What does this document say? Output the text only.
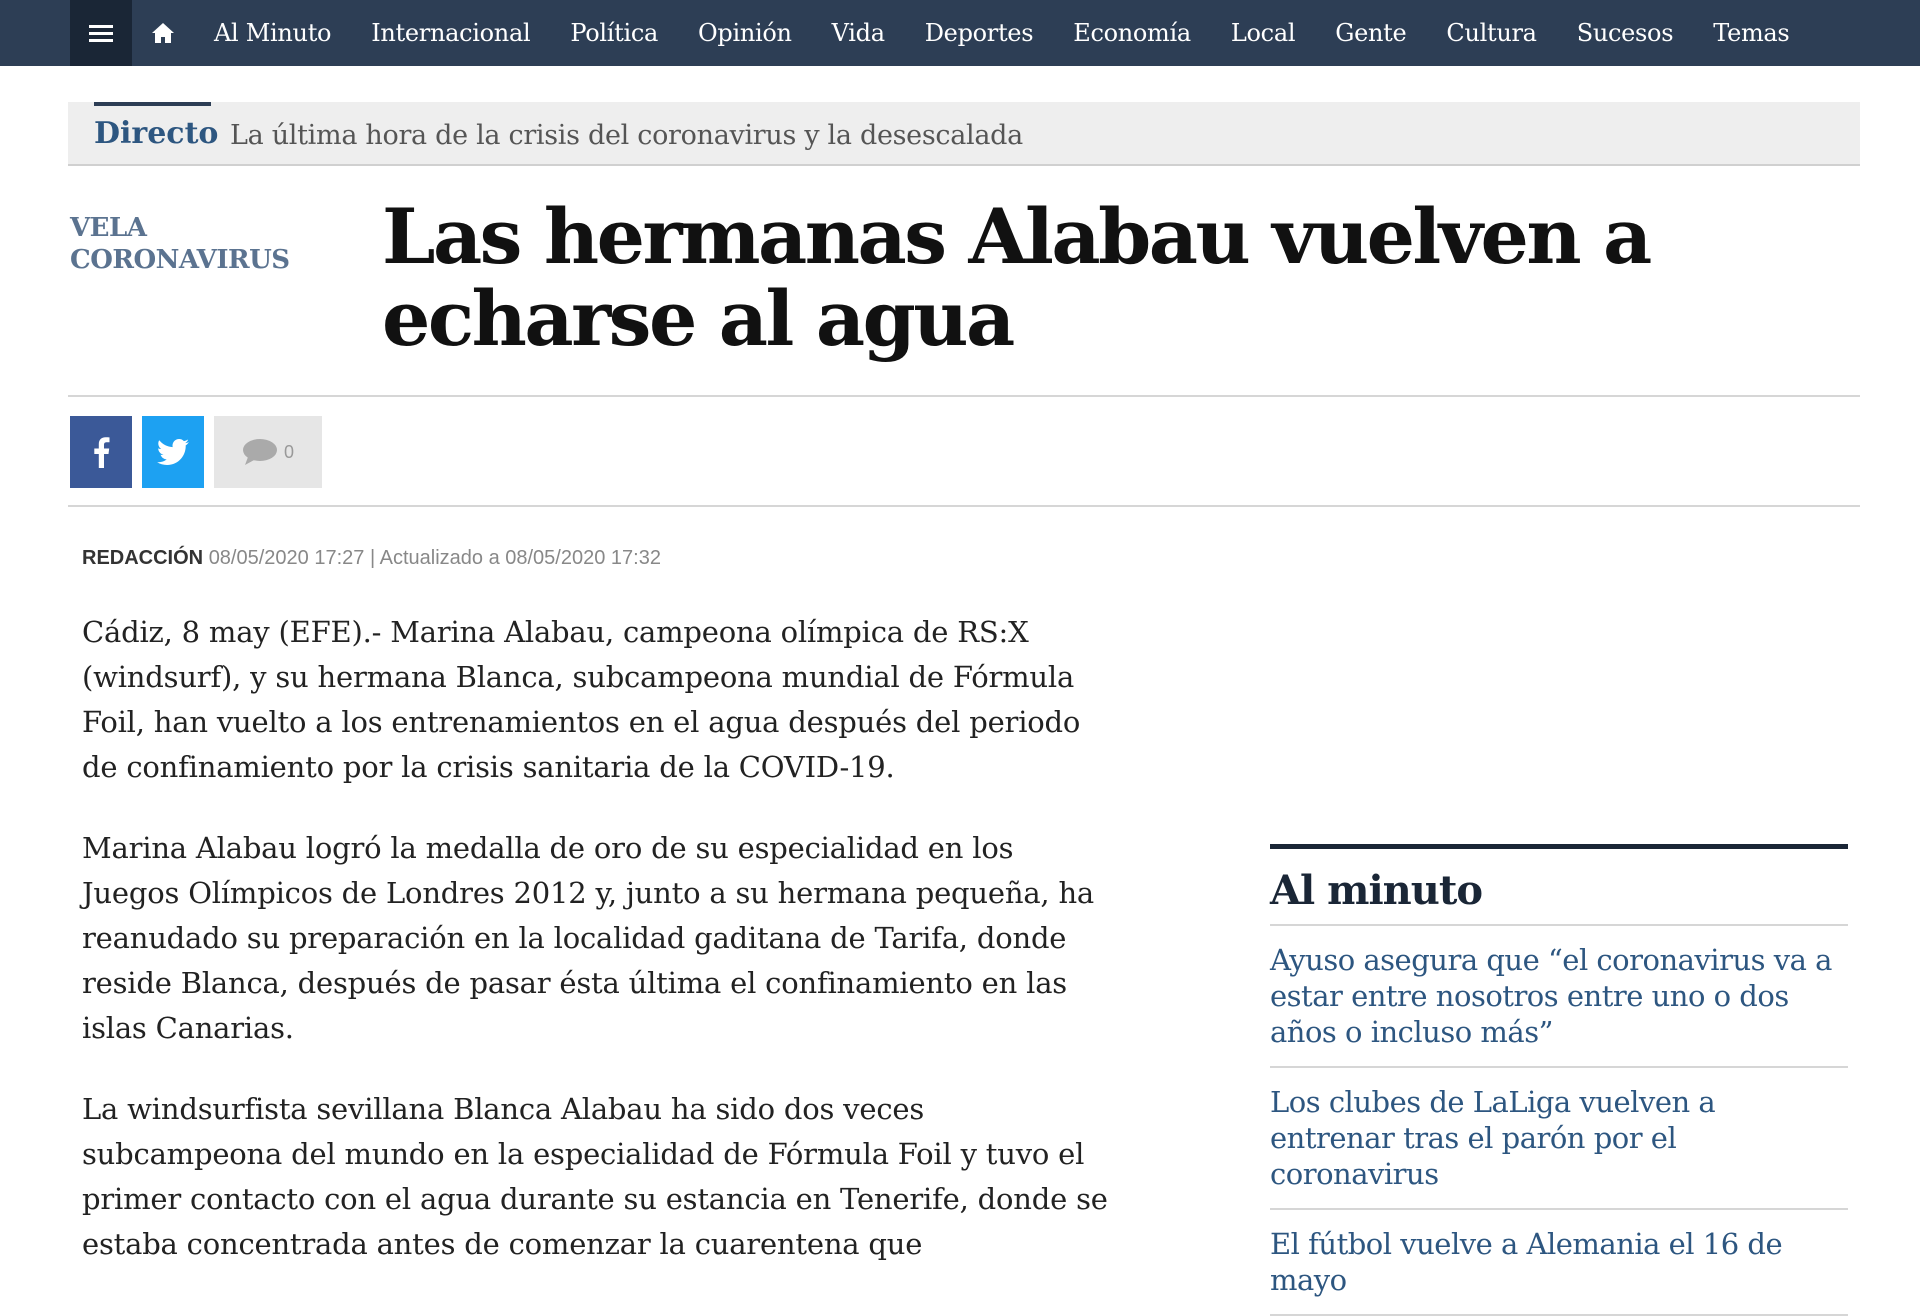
Al Minuto	Internacional	Política	Opinión	Vida	Deportes	Economía	Local	Gente	Cultura	Sucesos	Temas
Directo La última hora de la crisis del coronavirus y la desescalada
VELA
CORONAVIRUS Las hermanas Alabau vuelven a echarse al agua
0
REDACCIÓN 08/05/2020 17:27 | Actualizado a 08/05/2020 17:32

Cádiz, 8 may (EFE).- Marina Alabau, campeona olímpica de RS:X (windsurf), y su hermana Blanca, subcampeona mundial de Fórmula Foil, han vuelto a los entrenamientos en el agua después del periodo de confinamiento por la crisis sanitaria de la COVID-19.

Marina Alabau logró la medalla de oro de su especialidad en los Juegos Olímpicos de Londres 2012 y, junto a su hermana pequeña, ha reanudado su preparación en la localidad gaditana de Tarifa, donde reside Blanca, después de pasar ésta última el confinamiento en las islas Canarias.

La windsurfista sevillana Blanca Alabau ha sido dos veces subcampeona del mundo en la especialidad de Fórmula Foil y tuvo el primer contacto con el agua durante su estancia en Tenerife, donde se estaba concentrada antes de comenzar la cuarentena que

Al minuto
Ayuso asegura que “el coronavirus va a estar entre nosotros entre uno o dos años o incluso más”
Los clubes de LaLiga vuelven a entrenar tras el parón por el coronavirus
El fútbol vuelve a Alemania el 16 de mayo
